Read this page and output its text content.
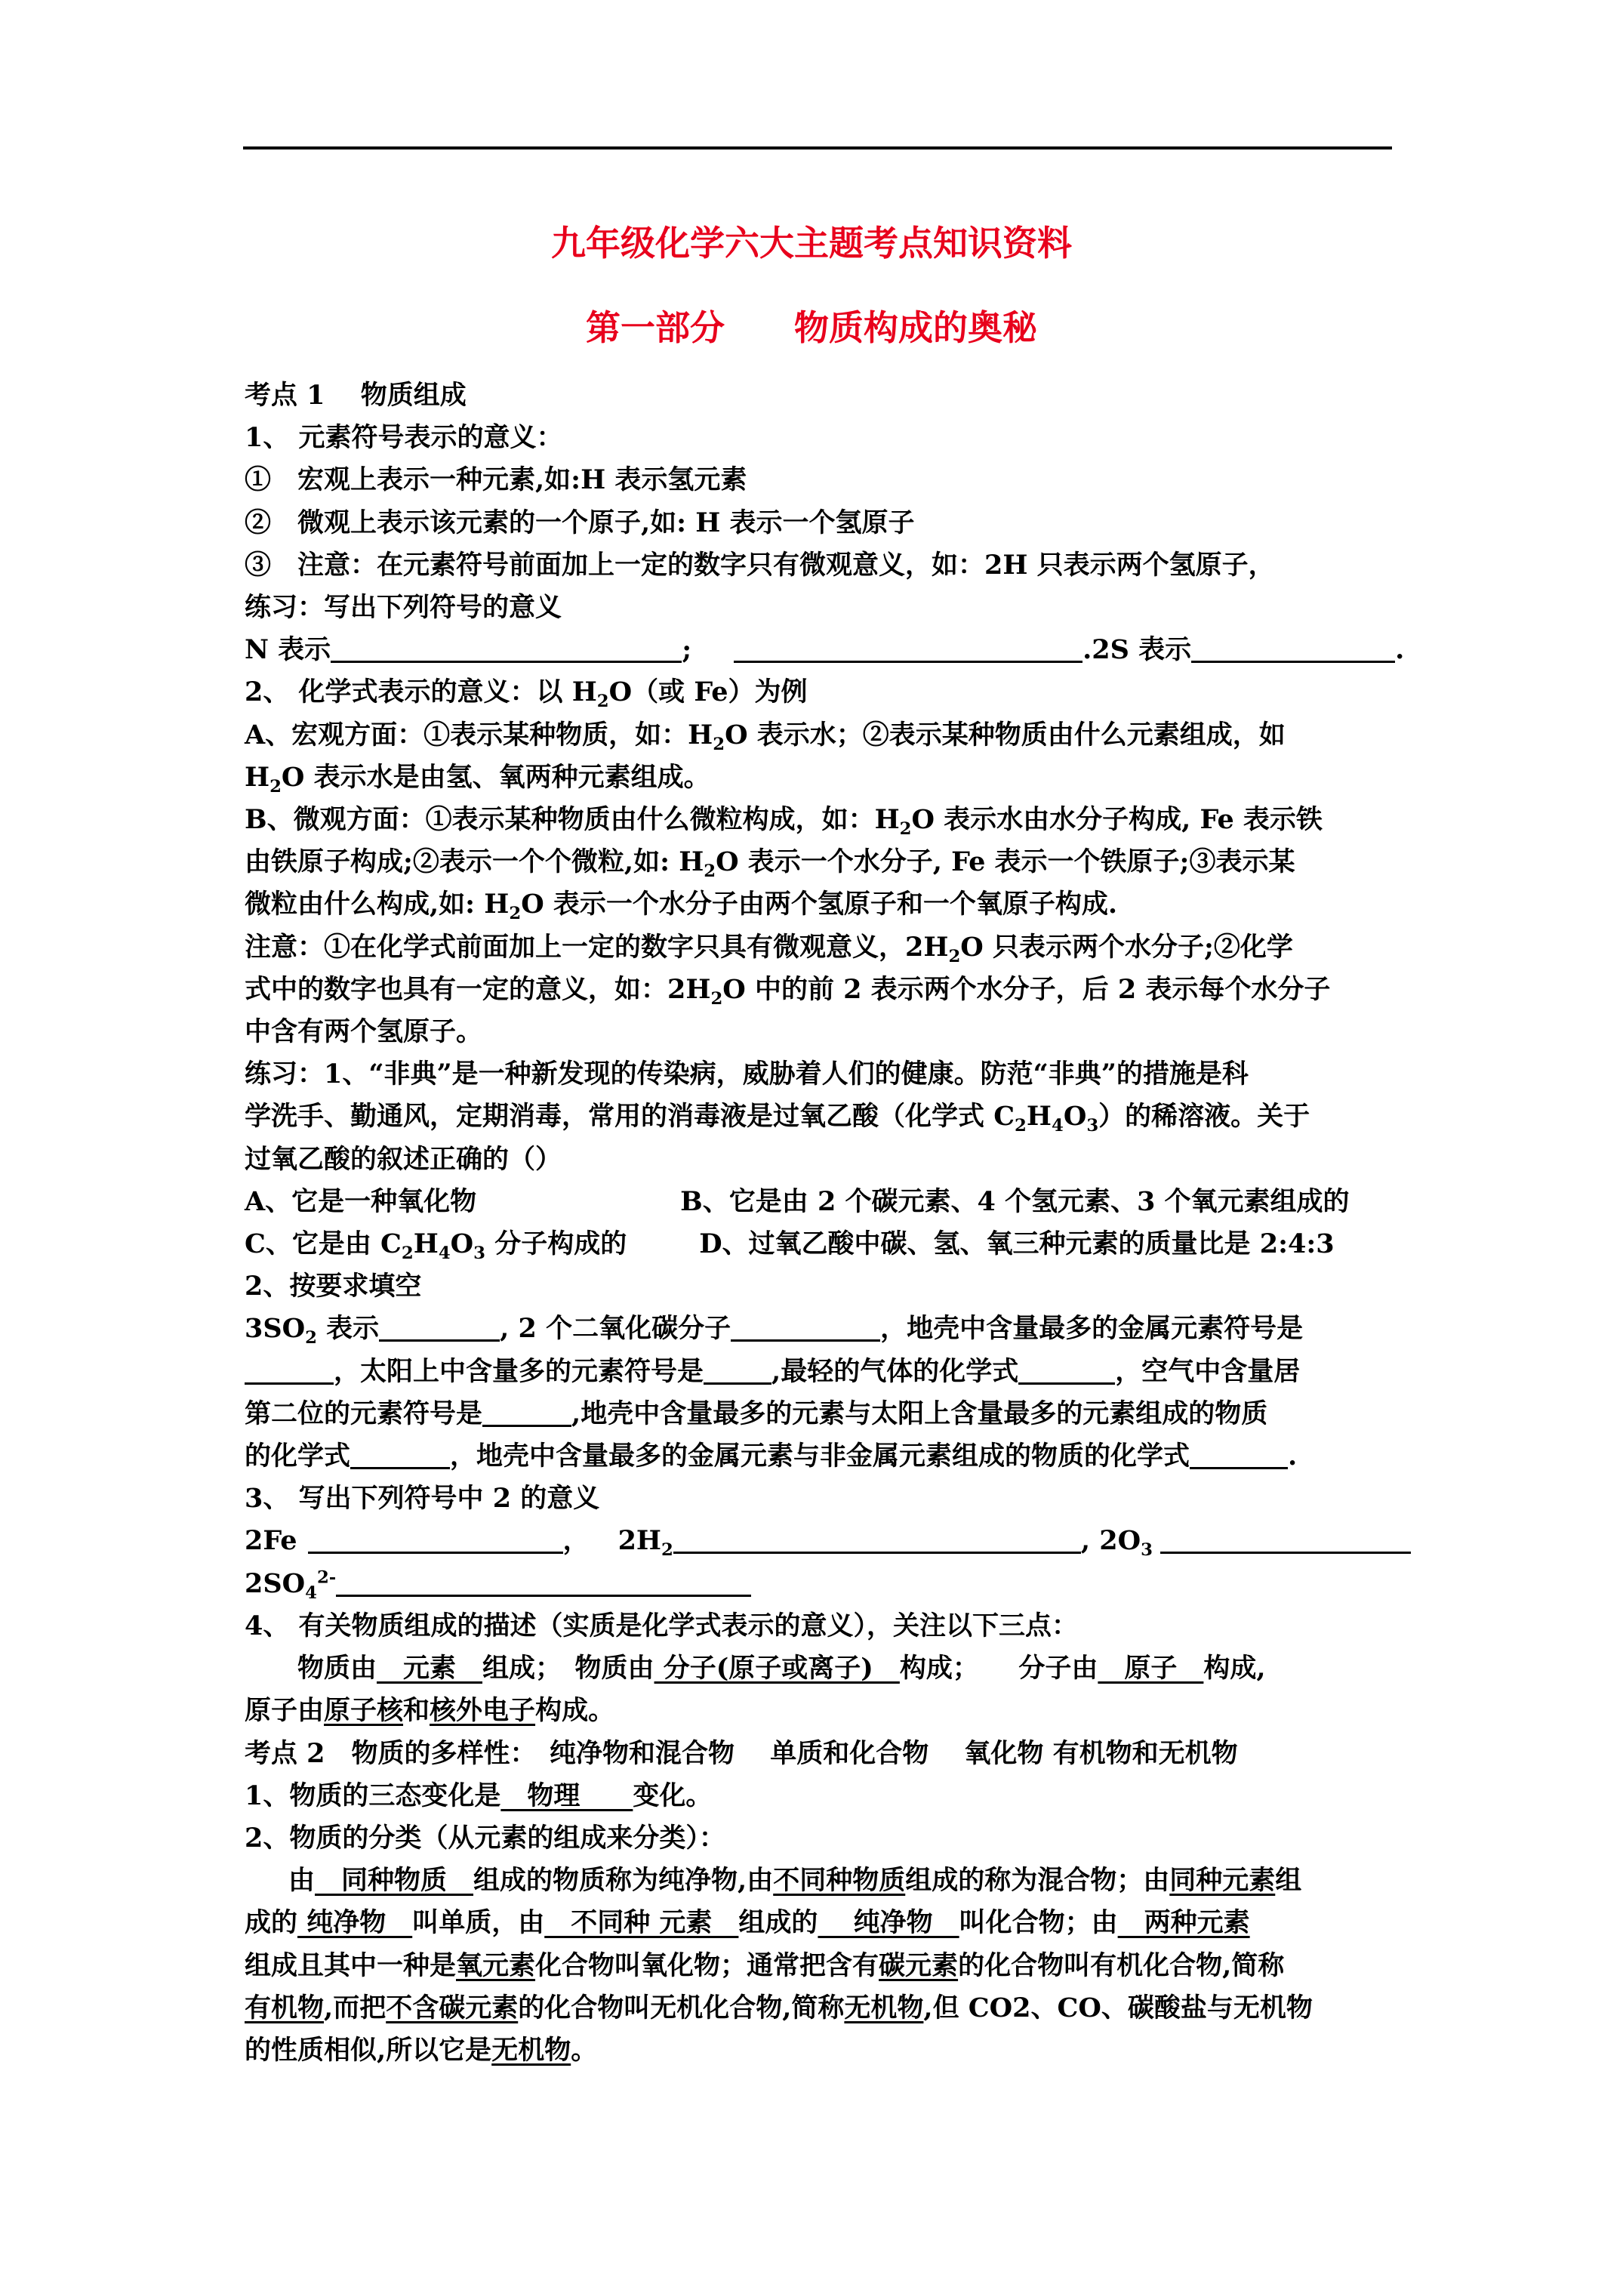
九年级化学六大主题考点知识资料
第一部分　　物质构成的奥秘

考点 1　 物质组成

1、 元素符号表示的意义：

①　宏观上表示一种元素,如:H 表示氢元素

②　微观上表示该元素的一个原子,如: H 表示一个氢原子

③　注意：在元素符号前面加上一定的数字只有微观意义，如：2H 只表示两个氢原子，

练习：写出下列符号的意义

N 表示	;	.2S 表示	.

2、 化学式表示的意义：以 $H_2O$（或 Fe）为例

A、宏观方面：①表示某种物质，如：$H_2O$ 表示水；②表示某种物质由什么元素组成，如

$H_2O$ 表示水是由氢、氧两种元素组成。

B、微观方面：①表示某种物质由什么微粒构成，如：$H_2O$ 表示水由水分子构成, Fe 表示铁

由铁原子构成;②表示一个个微粒,如: $H_2O$ 表示一个水分子, Fe 表示一个铁原子;③表示某

微粒由什么构成,如: $H_2O$ 表示一个水分子由两个氢原子和一个氧原子构成.

注意：①在化学式前面加上一定的数字只具有微观意义，$2H_2O$ 只表示两个水分子;②化学

式中的数字也具有一定的意义，如：$2H_2O$ 中的前 2 表示两个水分子，后 2 表示每个水分子

中含有两个氢原子。

练习：1、“非典”是一种新发现的传染病，威胁着人们的健康。防范“非典”的措施是科

学洗手、勤通风，定期消毒，常用的消毒液是过氧乙酸（化学式 $C_2H_4O_3$）的稀溶液。关于

过氧乙酸的叙述正确的（）

A、它是一种氧化物	B、它是由 2 个碳元素、4 个氢元素、3 个氧元素组成的

C、它是由 $C_2H_4O_3$ 分子构成的	D、过氧乙酸中碳、氢、氧三种元素的质量比是 2:4:3

2、按要求填空

$3SO_2$ 表示	, 2 个二氧化碳分子	，地壳中含量最多的金属元素符号是

，太阳上中含量多的元素符号是	,最轻的气体的化学式	，空气中含量居

第二位的元素符号是	,地壳中含量最多的元素与太阳上含量最多的元素组成的物质

的化学式	，地壳中含量最多的金属元素与非金属元素组成的物质的化学式	.

3、 写出下列符号中 2 的意义

2Fe	， $2H_2$	, $2O_3$

$2SO_4^{2-}$

4、 有关物质组成的描述（实质是化学式表示的意义），关注以下三点：

物质由　元素　组成；　物质由 分子(原子或离子)　构成；　　分子由　原子　构成,

原子由原子核和核外电子构成。

考点 2　物质的多样性：　纯净物和混合物　 单质和化合物　 氧化物 有机物和无机物

1、物质的三态变化是　物理　　变化。

2、物质的分类（从元素的组成来分类）：

由　同种物质　组成的物质称为纯净物,由不同种物质组成的称为混合物；由同种元素组

成的 纯净物　叫单质，由　不同种 元素　组成的　 纯净物　叫化合物；由　两种元素

组成且其中一种是氧元素化合物叫氧化物；通常把含有碳元素的化合物叫有机化合物,简称

有机物,而把不含碳元素的化合物叫无机化合物,简称无机物,但 CO2、CO、碳酸盐与无机物

的性质相似,所以它是无机物。
